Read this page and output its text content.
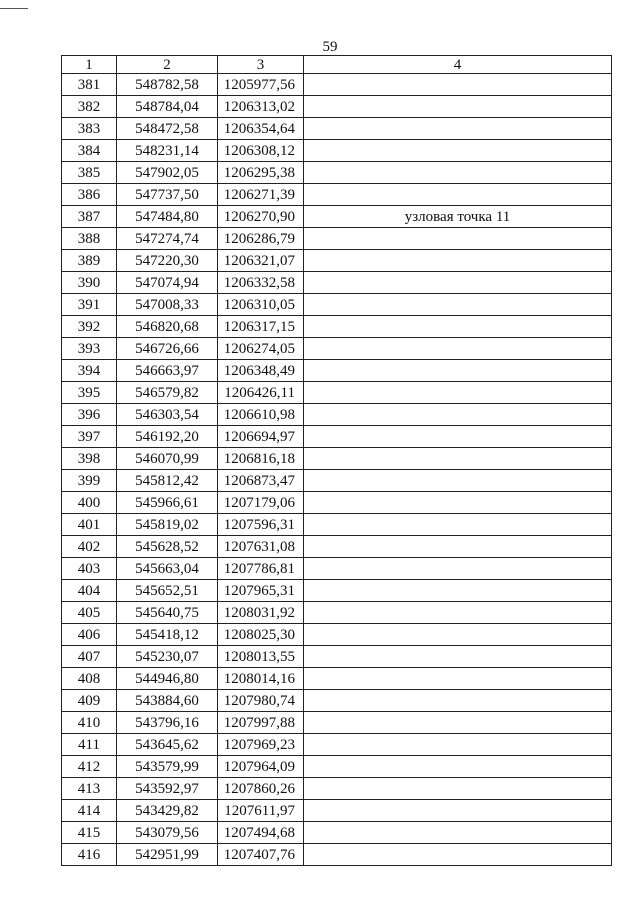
59
1	2	3	4
381	548782,58	1205977,56	
382	548784,04	1206313,02	
383	548472,58	1206354,64	
384	548231,14	1206308,12	
385	547902,05	1206295,38	
386	547737,50	1206271,39	
387	547484,80	1206270,90	узловая точка 11
388	547274,74	1206286,79	
389	547220,30	1206321,07	
390	547074,94	1206332,58	
391	547008,33	1206310,05	
392	546820,68	1206317,15	
393	546726,66	1206274,05	
394	546663,97	1206348,49	
395	546579,82	1206426,11	
396	546303,54	1206610,98	
397	546192,20	1206694,97	
398	546070,99	1206816,18	
399	545812,42	1206873,47	
400	545966,61	1207179,06	
401	545819,02	1207596,31	
402	545628,52	1207631,08	
403	545663,04	1207786,81	
404	545652,51	1207965,31	
405	545640,75	1208031,92	
406	545418,12	1208025,30	
407	545230,07	1208013,55	
408	544946,80	1208014,16	
409	543884,60	1207980,74	
410	543796,16	1207997,88	
411	543645,62	1207969,23	
412	543579,99	1207964,09	
413	543592,97	1207860,26	
414	543429,82	1207611,97	
415	543079,56	1207494,68	
416	542951,99	1207407,76	
